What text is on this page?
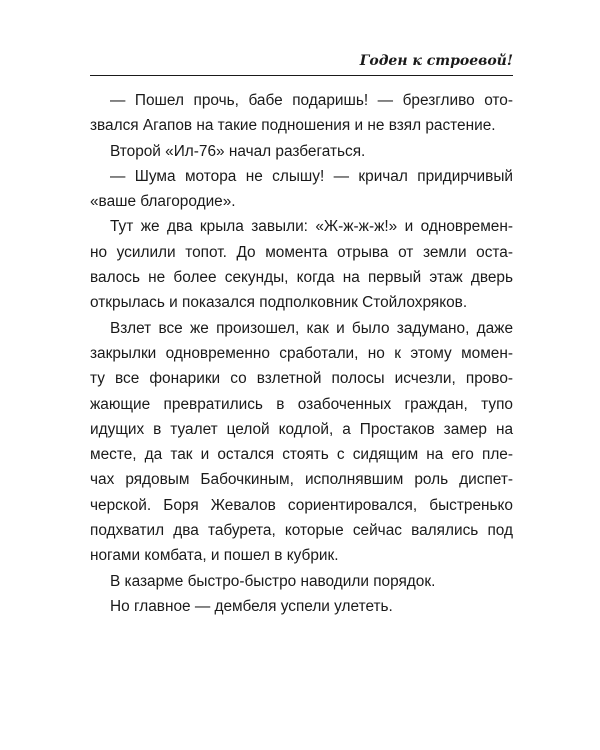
Годен к строевой!

— Пошел прочь, бабе подаришь! — брезгливо ото-
звался Агапов на такие подношения и не взял растение.

Второй «Ил-76» начал разбегаться.

— Шума мотора не слышу! — кричал придирчивый
«ваше благородие».

Тут же два крыла завыли: «Ж-ж-ж-ж!» и одновремен-
но усилили топот. До момента отрыва от земли оста-
валось не более секунды, когда на первый этаж дверь
открылась и показался подполковник Стойлохряков.

Взлет все же произошел, как и было задумано, даже
закрылки одновременно сработали, но к этому момен-
ту все фонарики со взлетной полосы исчезли, прово-
жающие превратились в озабоченных граждан, тупо
идущих в туалет целой кодлой, а Простаков замер на
месте, да так и остался стоять с сидящим на его пле-
чах рядовым Бабочкиным, исполнявшим роль диспет-
черской. Боря Жевалов сориентировался, быстренько
подхватил два табурета, которые сейчас валялись под
ногами комбата, и пошел в кубрик.

В казарме быстро-быстро наводили порядок.

Но главное — дембеля успели улететь.
